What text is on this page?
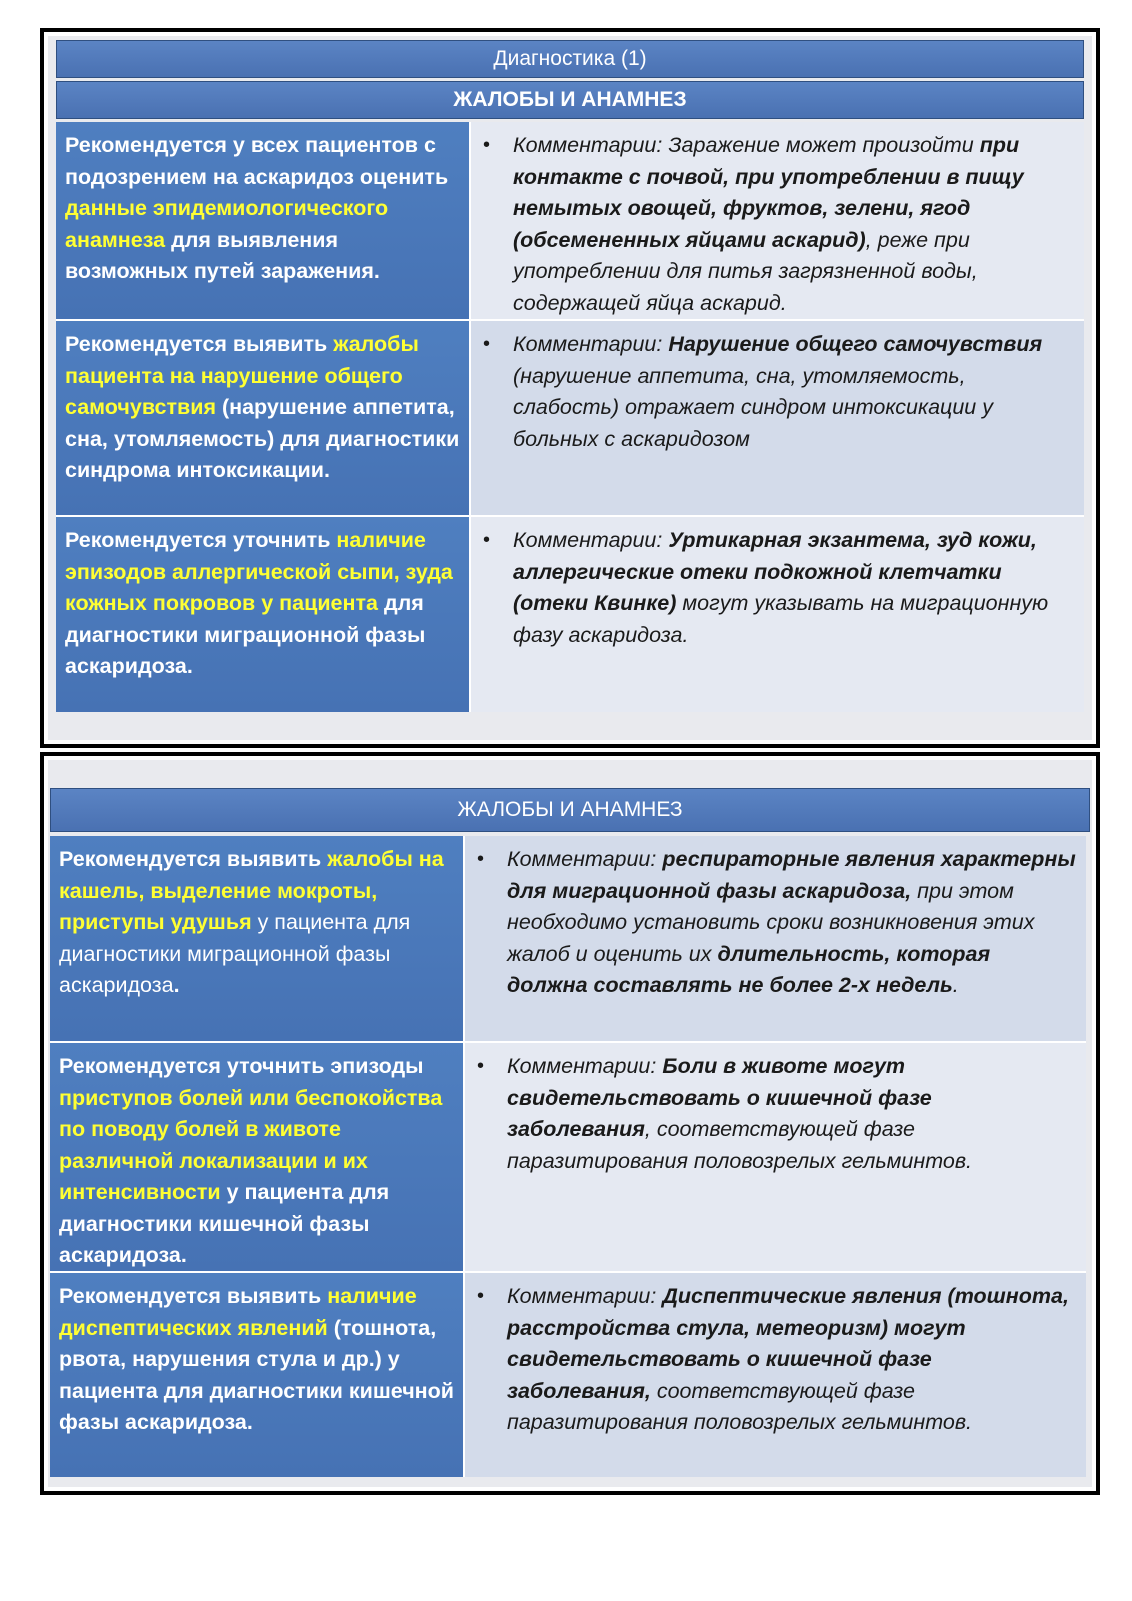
Диагностика (1)
ЖАЛОБЫ И АНАМНЕЗ
Рекомендуется у всех пациентов с подозрением на аскаридоз оценить данные эпидемиологического анамнеза для выявления возможных путей заражения.
• Комментарии: Заражение может произойти при контакте с почвой, при употреблении в пищу немытых овощей, фруктов, зелени, ягод (обсемененных яйцами аскарид), реже при употреблении для питья загрязненной воды, содержащей яйца аскарид.
Рекомендуется выявить жалобы пациента на нарушение общего самочувствия (нарушение аппетита, сна, утомляемость) для диагностики синдрома интоксикации.
• Комментарии: Нарушение общего самочувствия (нарушение аппетита, сна, утомляемость, слабость) отражает синдром интоксикации у больных с аскаридозом
Рекомендуется уточнить наличие эпизодов аллергической сыпи, зуда кожных покровов у пациента для диагностики миграционной фазы аскаридоза.
• Комментарии: Уртикарная экзантема, зуд кожи, аллергические отеки подкожной клетчатки (отеки Квинке) могут указывать на миграционную фазу аскаридоза.
ЖАЛОБЫ И АНАМНЕЗ
Рекомендуется выявить жалобы на кашель, выделение мокроты, приступы удушья у пациента для диагностики миграционной фазы аскаридоза.
• Комментарии: респираторные явления характерны для миграционной фазы аскаридоза, при этом необходимо установить сроки возникновения этих жалоб и оценить их длительность, которая должна составлять не более 2-х недель.
Рекомендуется уточнить эпизоды приступов болей или беспокойства по поводу болей в животе различной локализации и их интенсивности у пациента для диагностики кишечной фазы аскаридоза.
• Комментарии: Боли в животе могут свидетельствовать о кишечной фазе заболевания, соответствующей фазе паразитирования половозрелых гельминтов.
Рекомендуется выявить наличие диспептических явлений (тошнота, рвота, нарушения стула и др.) у пациента для диагностики кишечной фазы аскаридоза.
• Комментарии: Диспептические явления (тошнота, расстройства стула, метеоризм) могут свидетельствовать о кишечной фазе заболевания, соответствующей фазе паразитирования половозрелых гельминтов.
